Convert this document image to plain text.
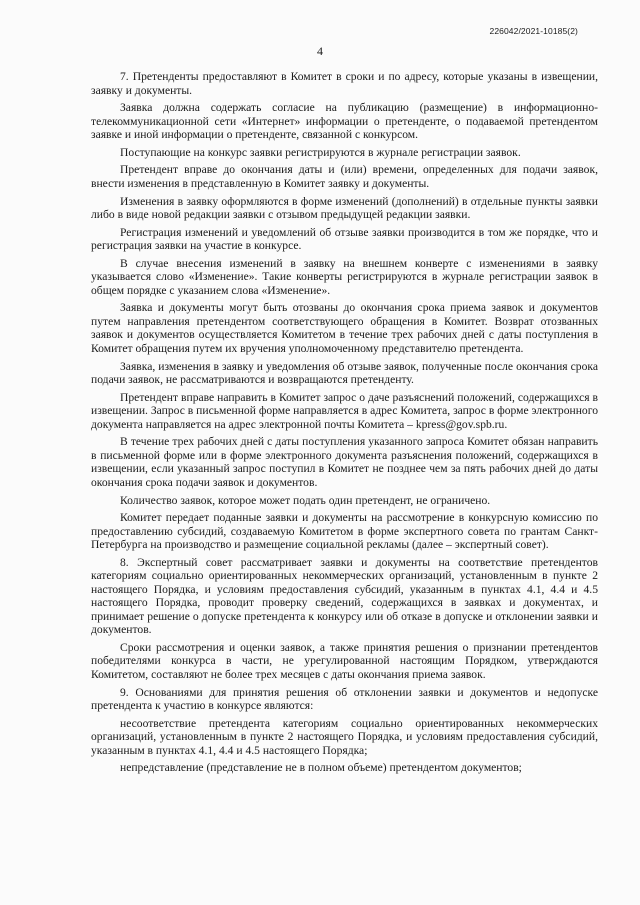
226042/2021-10185(2)
4

7. Претенденты предоставляют в Комитет в сроки и по адресу, которые указаны в извещении, заявку и документы.

Заявка должна содержать согласие на публикацию (размещение) в информационно-телекоммуникационной сети «Интернет» информации о претенденте, о подаваемой претендентом заявке и иной информации о претенденте, связанной с конкурсом.

Поступающие на конкурс заявки регистрируются в журнале регистрации заявок.

Претендент вправе до окончания даты и (или) времени, определенных для подачи заявок, внести изменения в представленную в Комитет заявку и документы.

Изменения в заявку оформляются в форме изменений (дополнений) в отдельные пункты заявки либо в виде новой редакции заявки с отзывом предыдущей редакции заявки.

Регистрация изменений и уведомлений об отзыве заявки производится в том же порядке, что и регистрация заявки на участие в конкурсе.

В случае внесения изменений в заявку на внешнем конверте с изменениями в заявку указывается слово «Изменение». Такие конверты регистрируются в журнале регистрации заявок в общем порядке с указанием слова «Изменение».

Заявка и документы могут быть отозваны до окончания срока приема заявок и документов путем направления претендентом соответствующего обращения в Комитет. Возврат отозванных заявок и документов осуществляется Комитетом в течение трех рабочих дней с даты поступления в Комитет обращения путем их вручения уполномоченному представителю претендента.

Заявка, изменения в заявку и уведомления об отзыве заявок, полученные после окончания срока подачи заявок, не рассматриваются и возвращаются претенденту.

Претендент вправе направить в Комитет запрос о даче разъяснений положений, содержащихся в извещении. Запрос в письменной форме направляется в адрес Комитета, запрос в форме электронного документа направляется на адрес электронной почты Комитета – kpress@gov.spb.ru.

В течение трех рабочих дней с даты поступления указанного запроса Комитет обязан направить в письменной форме или в форме электронного документа разъяснения положений, содержащихся в извещении, если указанный запрос поступил в Комитет не позднее чем за пять рабочих дней до даты окончания срока подачи заявок и документов.

Количество заявок, которое может подать один претендент, не ограничено.

Комитет передает поданные заявки и документы на рассмотрение в конкурсную комиссию по предоставлению субсидий, создаваемую Комитетом в форме экспертного совета по грантам Санкт-Петербурга на производство и размещение социальной рекламы (далее – экспертный совет).

8. Экспертный совет рассматривает заявки и документы на соответствие претендентов категориям социально ориентированных некоммерческих организаций, установленным в пункте 2 настоящего Порядка, и условиям предоставления субсидий, указанным в пунктах 4.1, 4.4 и 4.5 настоящего Порядка, проводит проверку сведений, содержащихся в заявках и документах, и принимает решение о допуске претендента к конкурсу или об отказе в допуске и отклонении заявки и документов.

Сроки рассмотрения и оценки заявок, а также принятия решения о признании претендентов победителями конкурса в части, не урегулированной настоящим Порядком, утверждаются Комитетом, составляют не более трех месяцев с даты окончания приема заявок.

9. Основаниями для принятия решения об отклонении заявки и документов и недопуске претендента к участию в конкурсе являются:

несоответствие претендента категориям социально ориентированных некоммерческих организаций, установленным в пункте 2 настоящего Порядка, и условиям предоставления субсидий, указанным в пунктах 4.1, 4.4 и 4.5 настоящего Порядка;

непредставление (представление не в полном объеме) претендентом документов;
